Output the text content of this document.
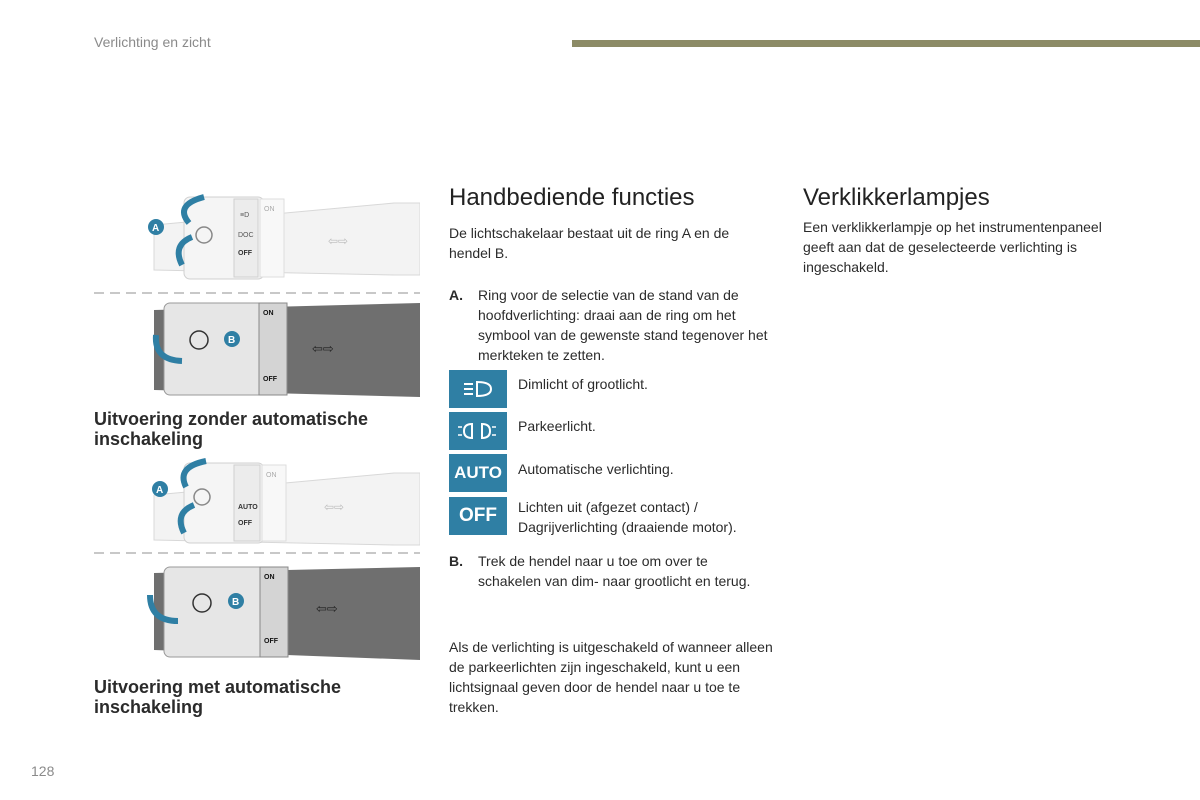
Verlichting en zicht
≡D
DOC
OFF
ON
⇦⇨
A
ON
OFF
⇦⇨
B
Uitvoering zonder automatische inschakeling
AUTO
OFF
ON
⇦⇨
A
ON
OFF
⇦⇨
B
Uitvoering met automatische inschakeling
Handbediende functies
De lichtschakelaar bestaat uit de ring A en de hendel B.
A. Ring voor de selectie van de stand van de hoofdverlichting: draai aan de ring om het symbool van de gewenste stand tegenover het merkteken te zetten.
Dimlicht of grootlicht.
Parkeerlicht.
AUTO	Automatische verlichting.
OFF	Lichten uit (afgezet contact) / Dagrijverlichting (draaiende motor).
B. Trek de hendel naar u toe om over te schakelen van dim- naar grootlicht en terug.
Als de verlichting is uitgeschakeld of wanneer alleen de parkeerlichten zijn ingeschakeld, kunt u een lichtsignaal geven door de hendel naar u toe te trekken.
Verklikkerlampjes
Een verklikkerlampje op het instrumentenpaneel geeft aan dat de geselecteerde verlichting is ingeschakeld.
128
